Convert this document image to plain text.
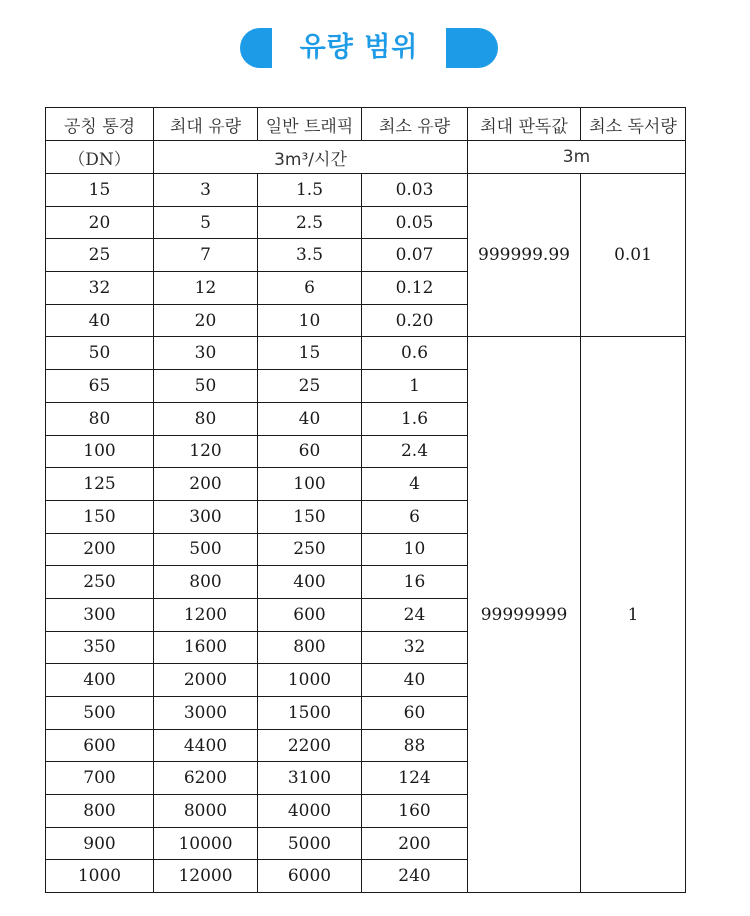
유량 범위
공칭 통경	최대 유량	일반 트래픽	최소 유량	최대 판독값	최소 독서량
（DN）	3m³/시간			3m	
15	3	1.5	0.03	999999.99	0.01
20	5	2.5	0.05		
25	7	3.5	0.07		
32	12	6	0.12		
40	20	10	0.20		
50	30	15	0.6	99999999	1
65	50	25	1		
80	80	40	1.6		
100	120	60	2.4		
125	200	100	4		
150	300	150	6		
200	500	250	10		
250	800	400	16		
300	1200	600	24		
350	1600	800	32		
400	2000	1000	40		
500	3000	1500	60		
600	4400	2200	88		
700	6200	3100	124		
800	8000	4000	160		
900	10000	5000	200		
1000	12000	6000	240		
